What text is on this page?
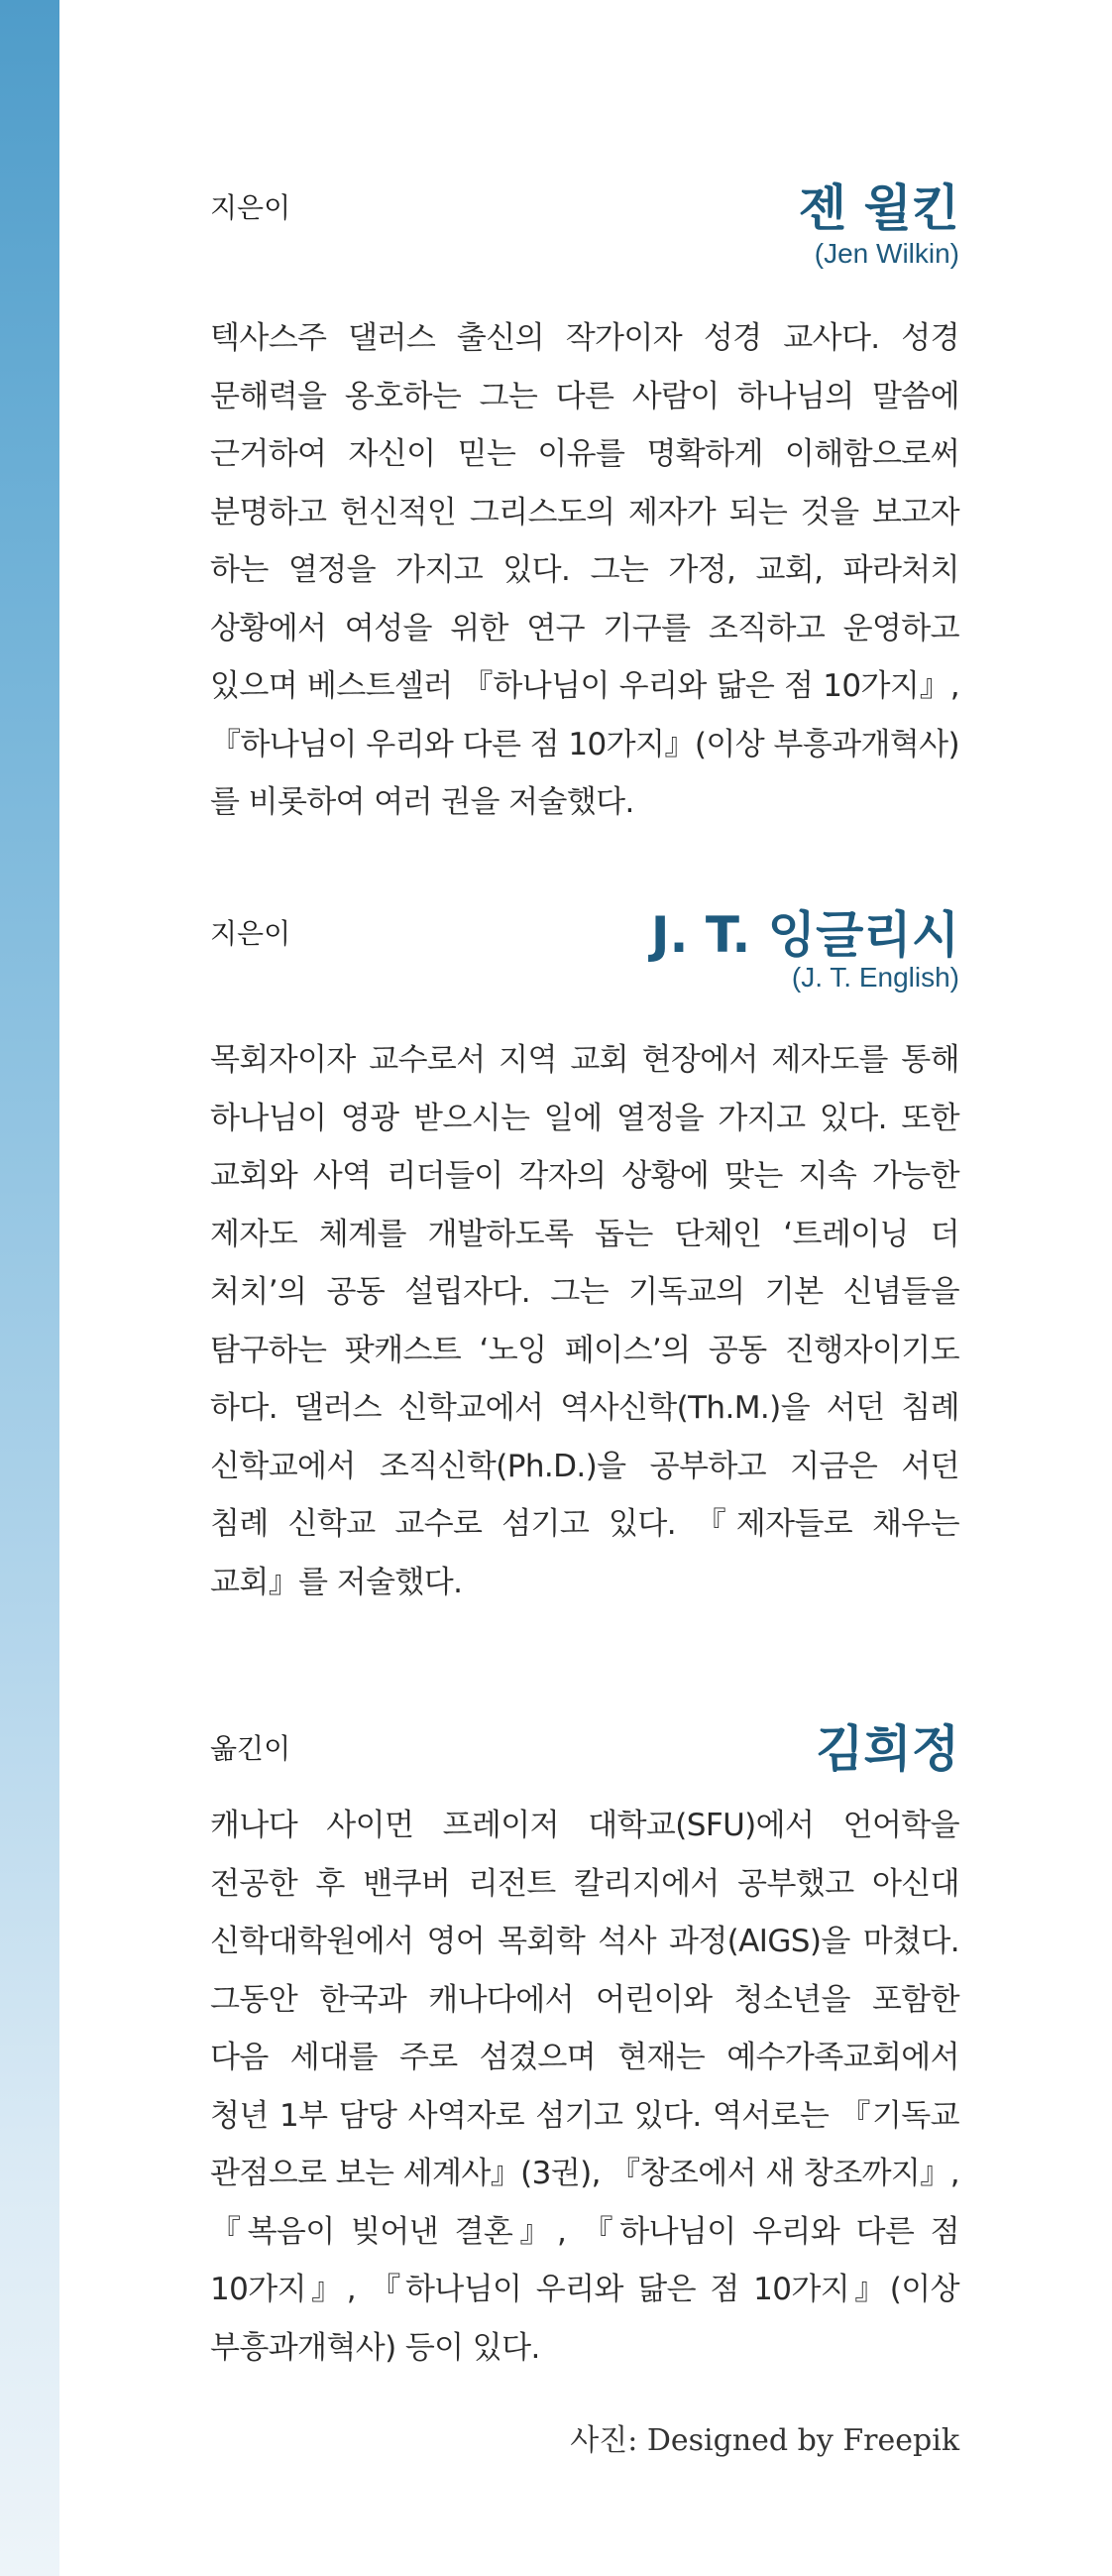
지은이	젠 윌킨
(Jen Wilkin)

텍사스주 댈러스 출신의 작가이자 성경 교사다. 성경 문해력을 옹호하는 그는 다른 사람이 하나님의 말씀에 근거하여 자신이 믿는 이유를 명확하게 이해함으로써 분명하고 헌신적인 그리스도의 제자가 되는 것을 보고자 하는 열정을 가지고 있다. 그는 가정, 교회, 파라처치 상황에서 여성을 위한 연구 기구를 조직하고 운영하고 있으며 베스트셀러 『하나님이 우리와 닮은 점 10가지』, 『하나님이 우리와 다른 점 10가지』(이상 부흥과개혁사)를 비롯하여 여러 권을 저술했다.

지은이	J. T. 잉글리시
(J. T. English)

목회자이자 교수로서 지역 교회 현장에서 제자도를 통해 하나님이 영광 받으시는 일에 열정을 가지고 있다. 또한 교회와 사역 리더들이 각자의 상황에 맞는 지속 가능한 제자도 체계를 개발하도록 돕는 단체인 ‘트레이닝 더 처치’의 공동 설립자다. 그는 기독교의 기본 신념들을 탐구하는 팟캐스트 ‘노잉 페이스’의 공동 진행자이기도 하다. 댈러스 신학교에서 역사신학(Th.M.)을 서던 침례 신학교에서 조직신학(Ph.D.)을 공부하고 지금은 서던 침례 신학교 교수로 섬기고 있다. 『제자들로 채우는 교회』를 저술했다.

옮긴이	김희정

캐나다 사이먼 프레이저 대학교(SFU)에서 언어학을 전공한 후 밴쿠버 리전트 칼리지에서 공부했고 아신대 신학대학원에서 영어 목회학 석사 과정(AIGS)을 마쳤다. 그동안 한국과 캐나다에서 어린이와 청소년을 포함한 다음 세대를 주로 섬겼으며 현재는 예수가족교회에서 청년 1부 담당 사역자로 섬기고 있다. 역서로는 『기독교 관점으로 보는 세계사』(3권), 『창조에서 새 창조까지』, 『복음이 빚어낸 결혼』, 『하나님이 우리와 다른 점 10가지』, 『하나님이 우리와 닮은 점 10가지』(이상 부흥과개혁사) 등이 있다.

사진: Designed by Freepik
